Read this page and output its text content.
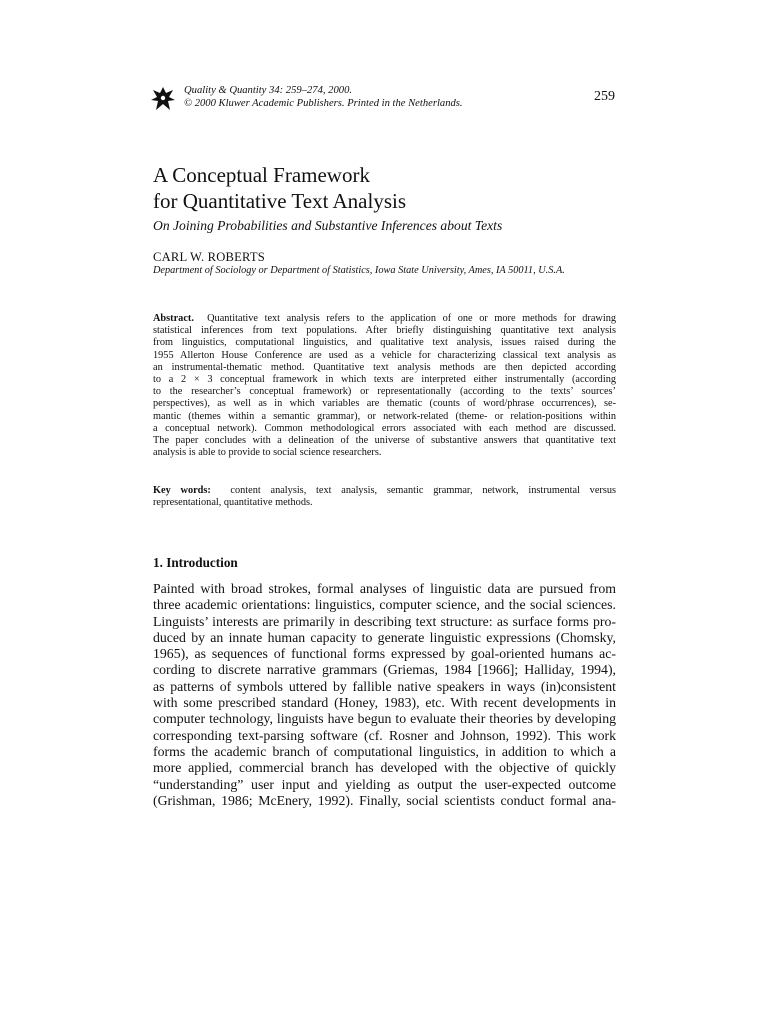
Quality & Quantity 34: 259–274, 2000.
© 2000 Kluwer Academic Publishers. Printed in the Netherlands.	259
A Conceptual Framework
for Quantitative Text Analysis
On Joining Probabilities and Substantive Inferences about Texts
CARL W. ROBERTS
Department of Sociology or Department of Statistics, Iowa State University, Ames, IA 50011, U.S.A.
Abstract. Quantitative text analysis refers to the application of one or more methods for drawing
statistical inferences from text populations. After briefly distinguishing quantitative text analysis
from linguistics, computational linguistics, and qualitative text analysis, issues raised during the
1955 Allerton House Conference are used as a vehicle for characterizing classical text analysis as
an instrumental-thematic method. Quantitative text analysis methods are then depicted according
to a 2 × 3 conceptual framework in which texts are interpreted either instrumentally (according
to the researcher’s conceptual framework) or representationally (according to the texts’ sources’
perspectives), as well as in which variables are thematic (counts of word/phrase occurrences), se-
mantic (themes within a semantic grammar), or network-related (theme- or relation-positions within
a conceptual network). Common methodological errors associated with each method are discussed.
The paper concludes with a delineation of the universe of substantive answers that quantitative text
analysis is able to provide to social science researchers.
Key words: content analysis, text analysis, semantic grammar, network, instrumental versus
representational, quantitative methods.
1. Introduction
Painted with broad strokes, formal analyses of linguistic data are pursued from
three academic orientations: linguistics, computer science, and the social sciences.
Linguists’ interests are primarily in describing text structure: as surface forms pro-
duced by an innate human capacity to generate linguistic expressions (Chomsky,
1965), as sequences of functional forms expressed by goal-oriented humans ac-
cording to discrete narrative grammars (Griemas, 1984 [1966]; Halliday, 1994),
as patterns of symbols uttered by fallible native speakers in ways (in)consistent
with some prescribed standard (Honey, 1983), etc. With recent developments in
computer technology, linguists have begun to evaluate their theories by developing
corresponding text-parsing software (cf. Rosner and Johnson, 1992). This work
forms the academic branch of computational linguistics, in addition to which a
more applied, commercial branch has developed with the objective of quickly
“understanding” user input and yielding as output the user-expected outcome
(Grishman, 1986; McEnery, 1992). Finally, social scientists conduct formal ana-
